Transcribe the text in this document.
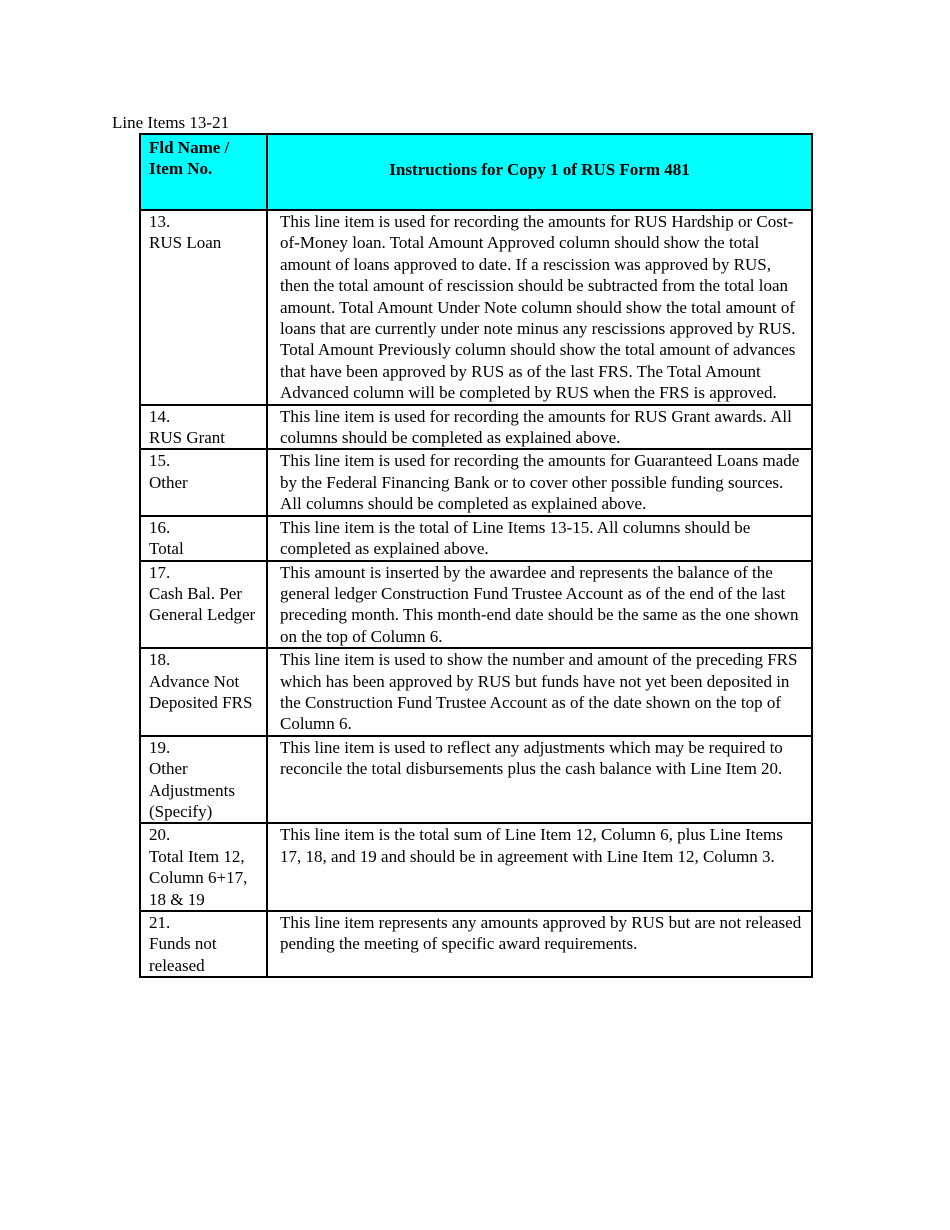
Line Items 13-21
Fld Name / Item No.	Instructions for Copy 1 of RUS Form 481

13.
RUS Loan	This line item is used for recording the amounts for RUS Hardship or Cost-of-Money loan. Total Amount Approved column should show the total amount of loans approved to date. If a rescission was approved by RUS, then the total amount of rescission should be subtracted from the total loan amount. Total Amount Under Note column should show the total amount of loans that are currently under note minus any rescissions approved by RUS. Total Amount Previously column should show the total amount of advances that have been approved by RUS as of the last FRS. The Total Amount Advanced column will be completed by RUS when the FRS is approved.

14.
RUS Grant	This line item is used for recording the amounts for RUS Grant awards. All columns should be completed as explained above.

15.
Other	This line item is used for recording the amounts for Guaranteed Loans made by the Federal Financing Bank or to cover other possible funding sources. All columns should be completed as explained above.

16.
Total	This line item is the total of Line Items 13-15. All columns should be completed as explained above.

17.
Cash Bal. Per General Ledger	This amount is inserted by the awardee and represents the balance of the general ledger Construction Fund Trustee Account as of the end of the last preceding month. This month-end date should be the same as the one shown on the top of Column 6.

18.
Advance Not Deposited FRS	This line item is used to show the number and amount of the preceding FRS which has been approved by RUS but funds have not yet been deposited in the Construction Fund Trustee Account as of the date shown on the top of Column 6.

19.
Other Adjustments (Specify)	This line item is used to reflect any adjustments which may be required to reconcile the total disbursements plus the cash balance with Line Item 20.

20.
Total Item 12, Column 6+17, 18 & 19	This line item is the total sum of Line Item 12, Column 6, plus Line Items 17, 18, and 19 and should be in agreement with Line Item 12, Column 3.

21.
Funds not released	This line item represents any amounts approved by RUS but are not released pending the meeting of specific award requirements.
